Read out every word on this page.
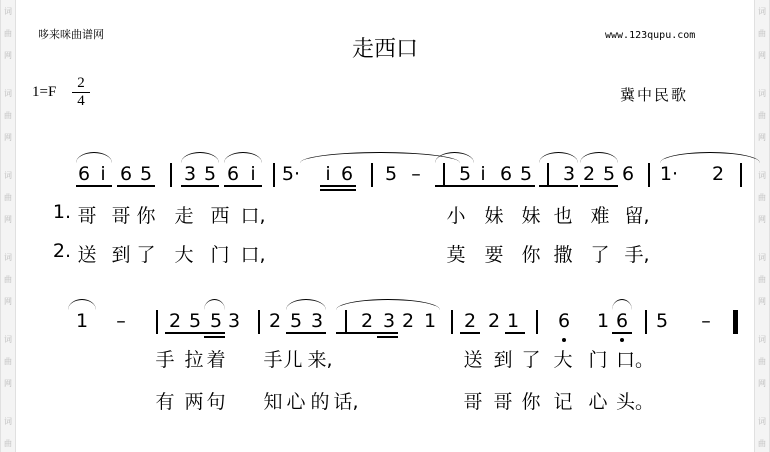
词
曲
网
词
曲
网
词
曲
网
词
曲
网
词
曲
网
词
曲
词
曲
网
词
曲
网
词
曲
网
词
曲
网
词
曲
网
词
曲
哆来咪曲谱网	www.123qupu.com
走西口
1=F
2
4	冀中民歌
6 i 6 5 3 5 6 i 5· i 6 5 – 5 i 6 5 3 2 5 6 1· 2
1. 哥 哥 你 走 西 口,	小 妹 妹 也 难 留,
2. 送 到 了 大 门 口,	莫 要 你 撒 了 手,
1 – 2 5 5 3 2 5 3 2 3 2 1 2 2 1 6 1 6 5 –
手 拉 着 手 儿 来,	送 到 了 大 门 口。
有 两 句 知 心 的 话,	哥 哥 你 记 心 头。
